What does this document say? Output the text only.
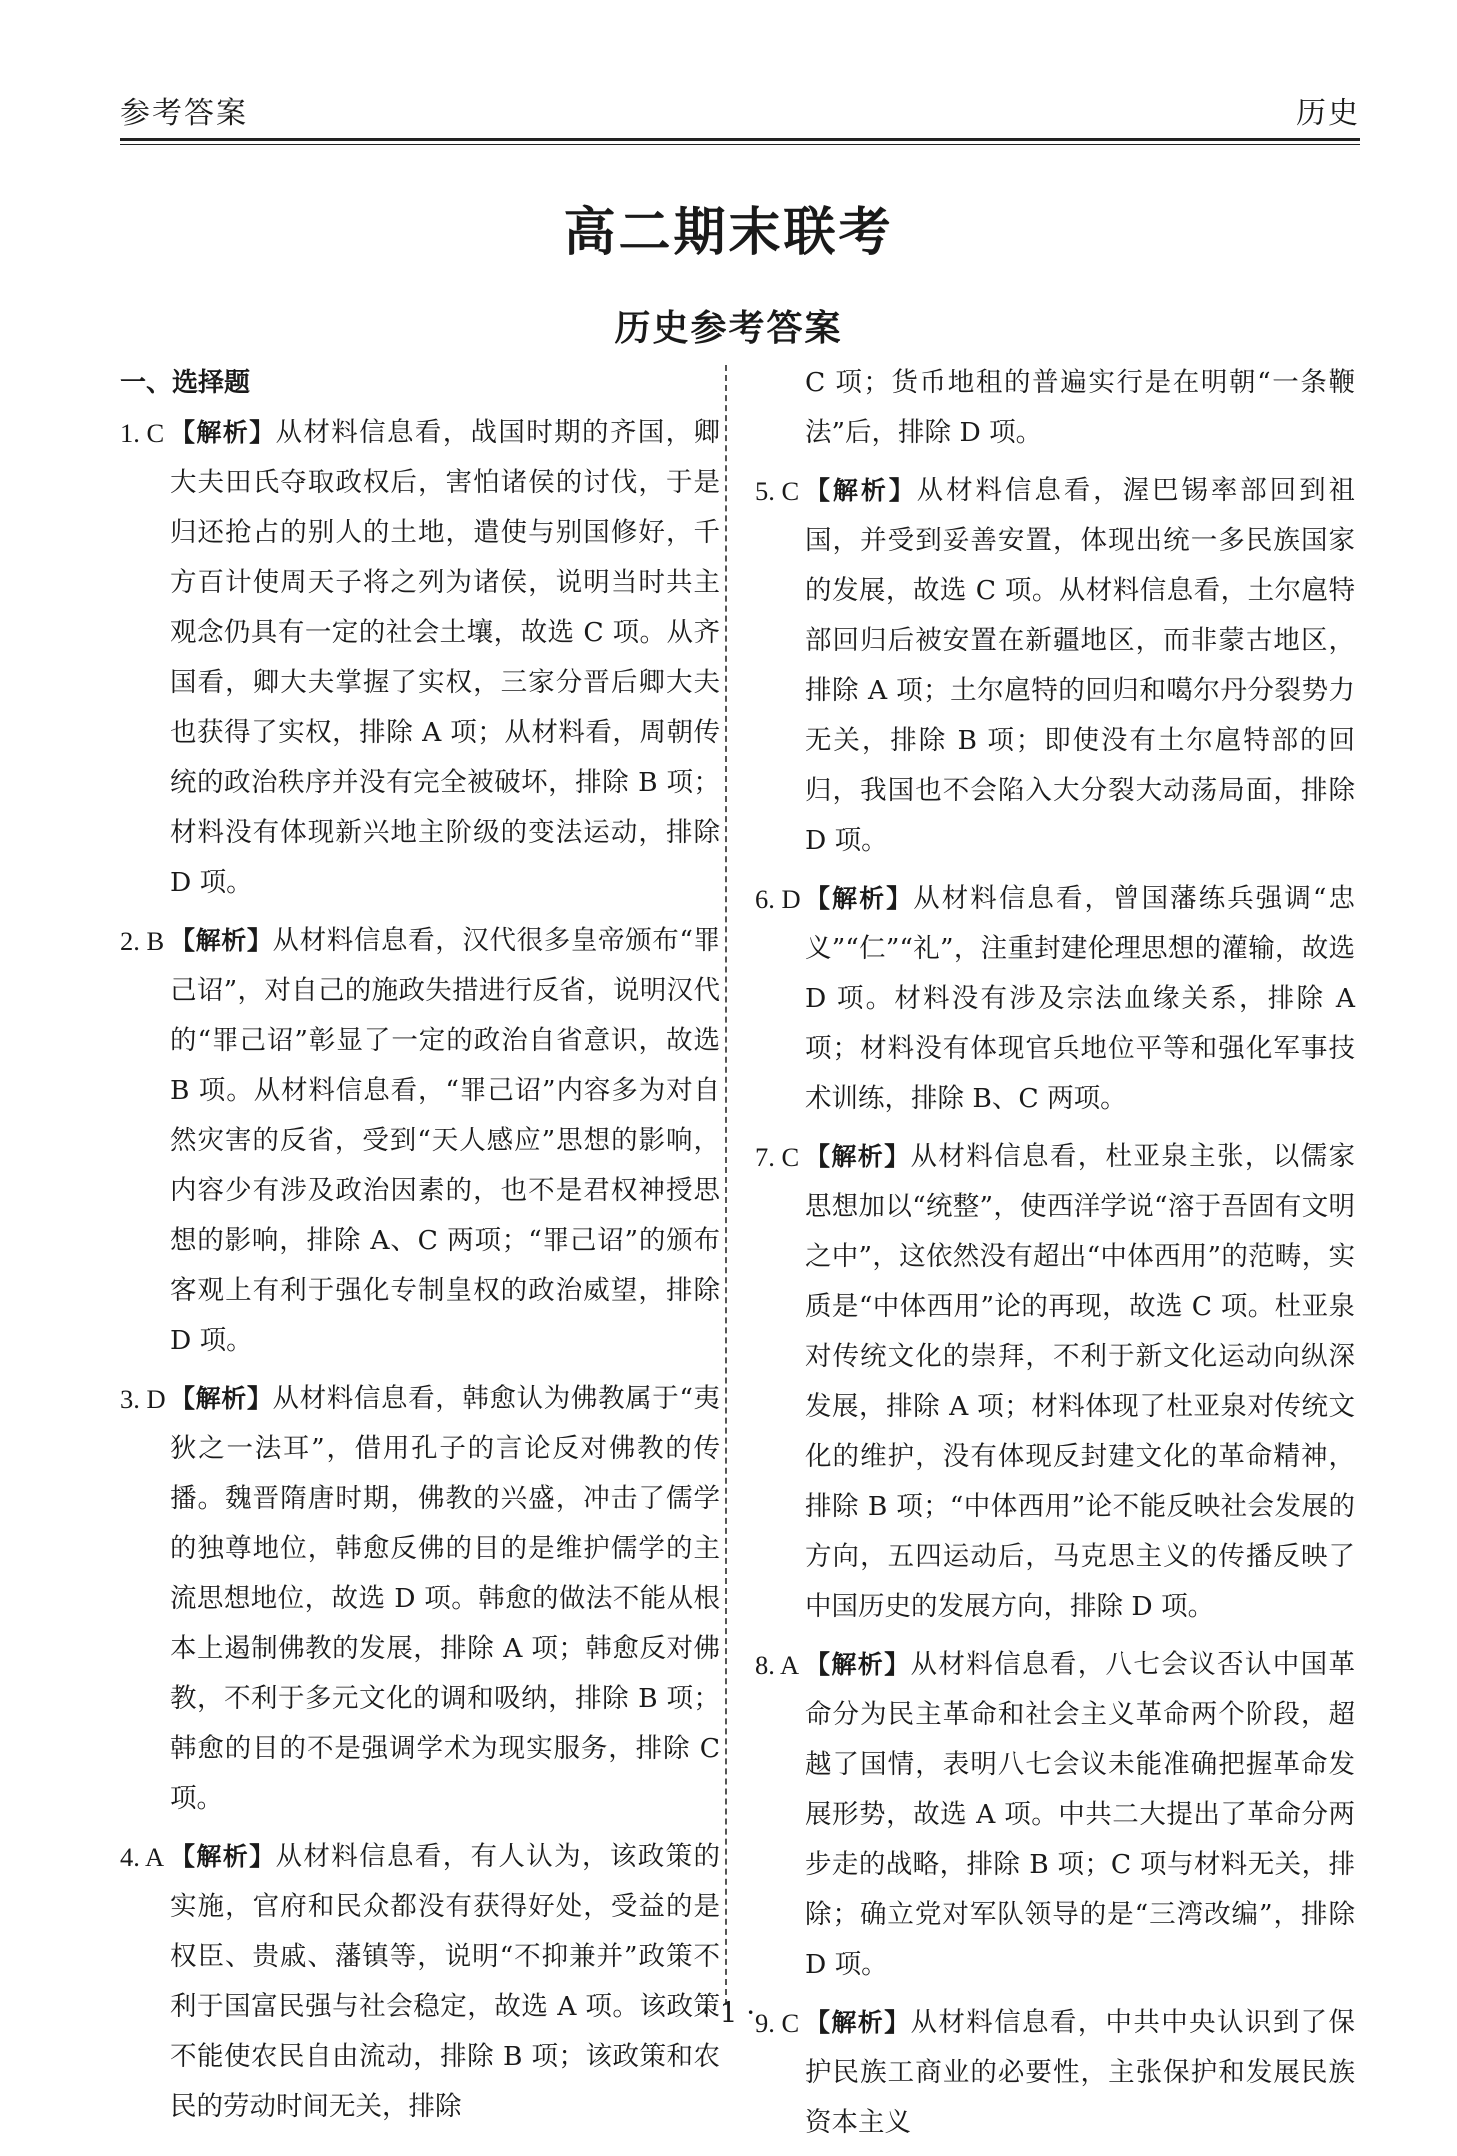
参考答案	历史
高二期末联考
历史参考答案
一、选择题
1. C 【解析】从材料信息看，战国时期的齐国，卿大夫田氏夺取政权后，害怕诸侯的讨伐，于是归还抢占的别人的土地，遣使与别国修好，千方百计使周天子将之列为诸侯，说明当时共主观念仍具有一定的社会土壤，故选 C 项。从齐国看，卿大夫掌握了实权，三家分晋后卿大夫也获得了实权，排除 A 项；从材料看，周朝传统的政治秩序并没有完全被破坏，排除 B 项；材料没有体现新兴地主阶级的变法运动，排除 D 项。
2. B 【解析】从材料信息看，汉代很多皇帝颁布“罪己诏”，对自己的施政失措进行反省，说明汉代的“罪己诏”彰显了一定的政治自省意识，故选 B 项。从材料信息看，“罪己诏”内容多为对自然灾害的反省，受到“天人感应”思想的影响，内容少有涉及政治因素的，也不是君权神授思想的影响，排除 A、C 两项；“罪己诏”的颁布客观上有利于强化专制皇权的政治威望，排除 D 项。
3. D 【解析】从材料信息看，韩愈认为佛教属于“夷狄之一法耳”，借用孔子的言论反对佛教的传播。魏晋隋唐时期，佛教的兴盛，冲击了儒学的独尊地位，韩愈反佛的目的是维护儒学的主流思想地位，故选 D 项。韩愈的做法不能从根本上遏制佛教的发展，排除 A 项；韩愈反对佛教，不利于多元文化的调和吸纳，排除 B 项；韩愈的目的不是强调学术为现实服务，排除 C 项。
4. A 【解析】从材料信息看，有人认为，该政策的实施，官府和民众都没有获得好处，受益的是权臣、贵戚、藩镇等，说明“不抑兼并”政策不利于国富民强与社会稳定，故选 A 项。该政策不能使农民自由流动，排除 B 项；该政策和农民的劳动时间无关，排除
C 项；货币地租的普遍实行是在明朝“一条鞭法”后，排除 D 项。
5. C 【解析】从材料信息看，渥巴锡率部回到祖国，并受到妥善安置，体现出统一多民族国家的发展，故选 C 项。从材料信息看，土尔扈特部回归后被安置在新疆地区，而非蒙古地区，排除 A 项；土尔扈特的回归和噶尔丹分裂势力无关，排除 B 项；即使没有土尔扈特部的回归，我国也不会陷入大分裂大动荡局面，排除 D 项。
6. D 【解析】从材料信息看，曾国藩练兵强调“忠义”“仁”“礼”，注重封建伦理思想的灌输，故选 D 项。材料没有涉及宗法血缘关系，排除 A 项；材料没有体现官兵地位平等和强化军事技术训练，排除 B、C 两项。
7. C 【解析】从材料信息看，杜亚泉主张，以儒家思想加以“统整”，使西洋学说“溶于吾固有文明之中”，这依然没有超出“中体西用”的范畴，实质是“中体西用”论的再现，故选 C 项。杜亚泉对传统文化的崇拜，不利于新文化运动向纵深发展，排除 A 项；材料体现了杜亚泉对传统文化的维护，没有体现反封建文化的革命精神，排除 B 项；“中体西用”论不能反映社会发展的方向，五四运动后，马克思主义的传播反映了中国历史的发展方向，排除 D 项。
8. A 【解析】从材料信息看，八七会议否认中国革命分为民主革命和社会主义革命两个阶段，超越了国情，表明八七会议未能准确把握革命发展形势，故选 A 项。中共二大提出了革命分两步走的战略，排除 B 项；C 项与材料无关，排除；确立党对军队领导的是“三湾改编”，排除 D 项。
9. C 【解析】从材料信息看，中共中央认识到了保护民族工商业的必要性，主张保护和发展民族资本主义
· 1 ·
